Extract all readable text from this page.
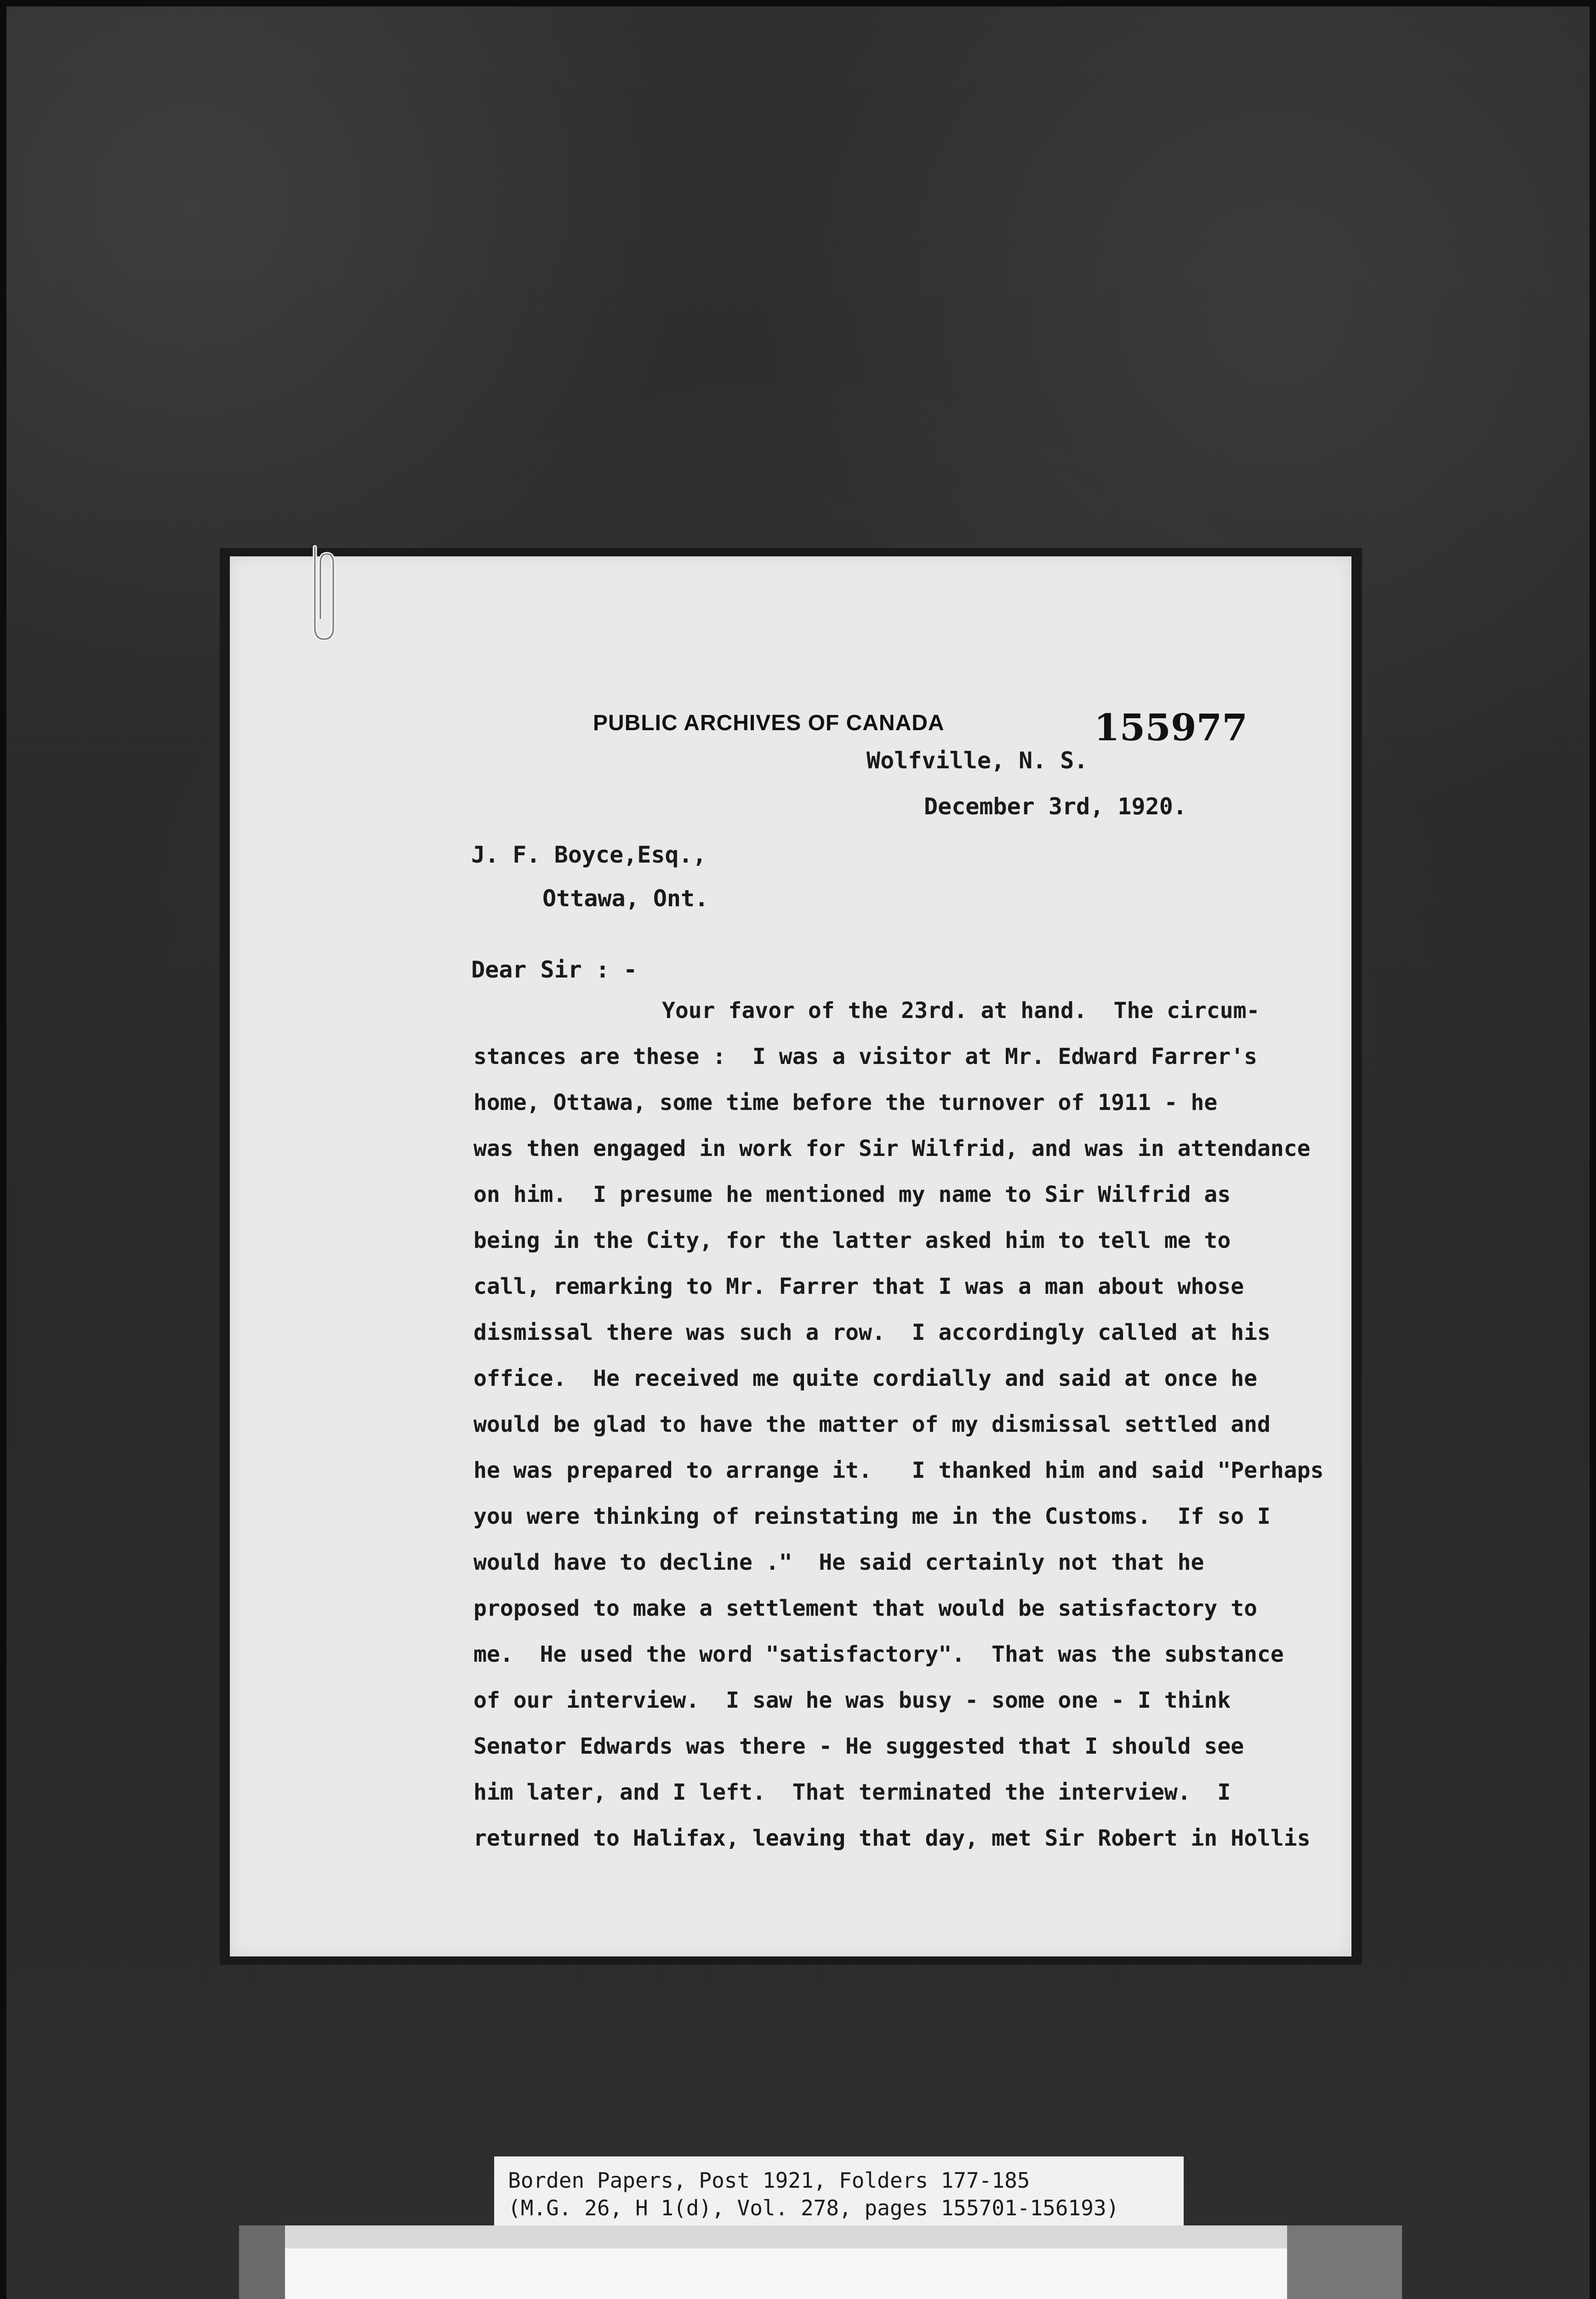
PUBLIC ARCHIVES OF CANADA	155977
Wolfville, N. S.
December 3rd, 1920.
J. F. Boyce,Esq.,
Ottawa, Ont.
Dear Sir : -
Your favor of the 23rd. at hand.  The circum-
stances are these :  I was a visitor at Mr. Edward Farrer's
home, Ottawa, some time before the turnover of 1911 - he
was then engaged in work for Sir Wilfrid, and was in attendance
on him.  I presume he mentioned my name to Sir Wilfrid as
being in the City, for the latter asked him to tell me to
call, remarking to Mr. Farrer that I was a man about whose
dismissal there was such a row.  I accordingly called at his
office.  He received me quite cordially and said at once he
would be glad to have the matter of my dismissal settled and
he was prepared to arrange it.   I thanked him and said "Perhaps
you were thinking of reinstating me in the Customs.  If so I
would have to decline ."  He said certainly not that he
proposed to make a settlement that would be satisfactory to
me.  He used the word "satisfactory".  That was the substance
of our interview.  I saw he was busy - some one - I think
Senator Edwards was there - He suggested that I should see
him later, and I left.  That terminated the interview.  I
returned to Halifax, leaving that day, met Sir Robert in Hollis
Borden Papers, Post 1921, Folders 177-185
(M.G. 26, H 1(d), Vol. 278, pages 155701-156193)
